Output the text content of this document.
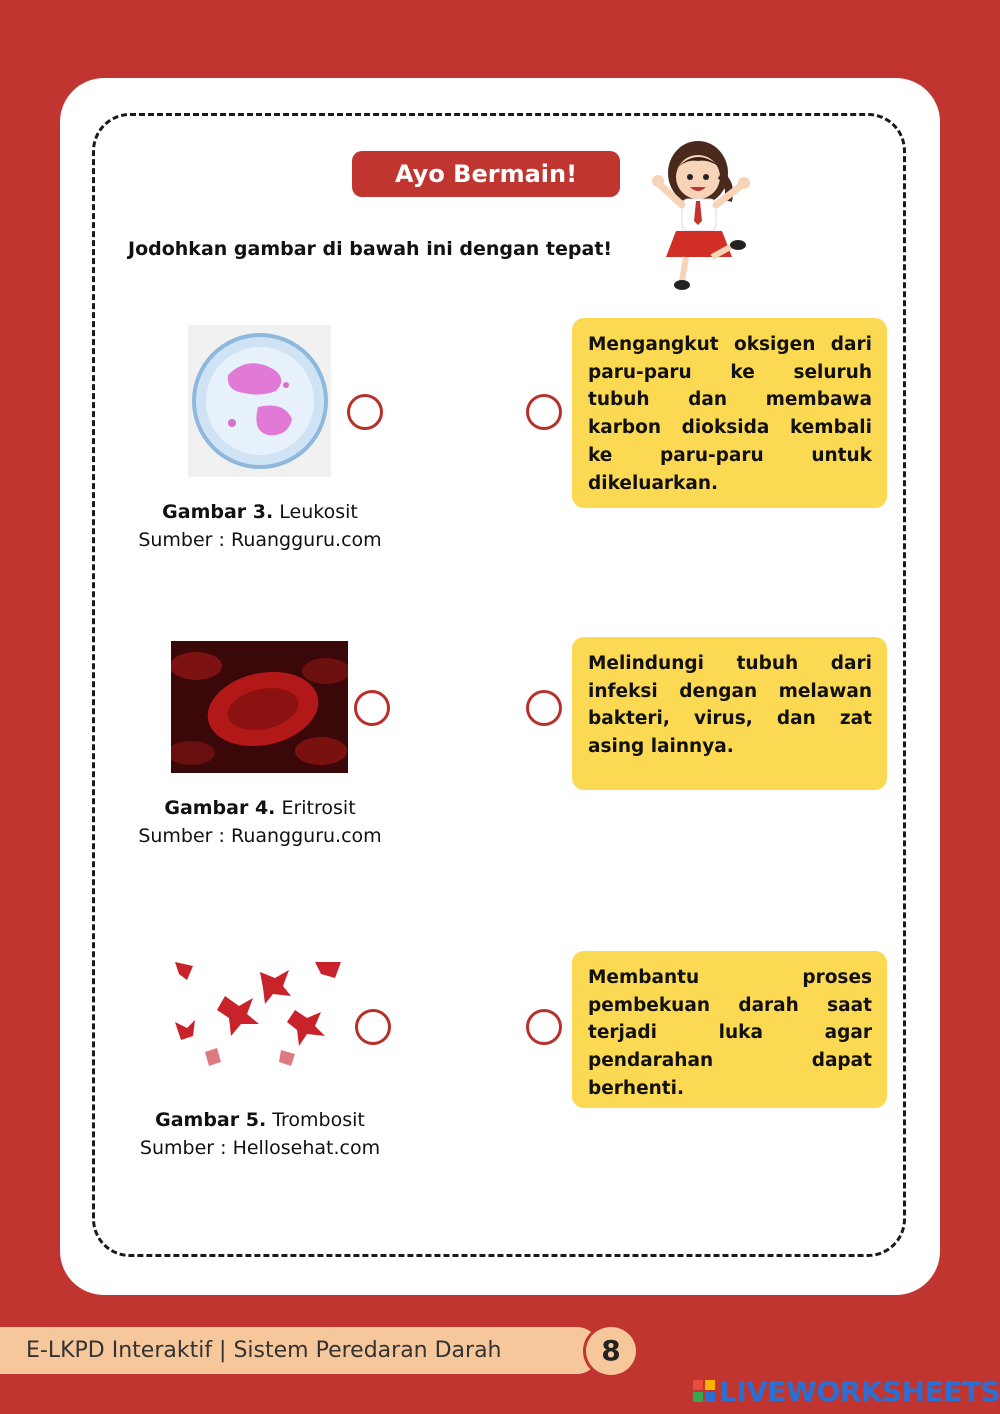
Ayo Bermain!
Jodohkan gambar di bawah ini dengan tepat!
Gambar 3. Leukosit
Sumber : Ruangguru.com
Gambar 4. Eritrosit
Sumber : Ruangguru.com
Gambar 5. Trombosit
Sumber : Hellosehat.com
Mengangkut oksigen dari paru-paru ke seluruh tubuh dan membawa karbon dioksida kembali ke paru-paru untuk dikeluarkan.
Melindungi tubuh dari infeksi dengan melawan bakteri, virus, dan zat asing lainnya.
Membantu proses pembekuan darah saat terjadi luka agar pendarahan dapat berhenti.
E-LKPD Interaktif | Sistem Peredaran Darah	8
LIVEWORKSHEETS
